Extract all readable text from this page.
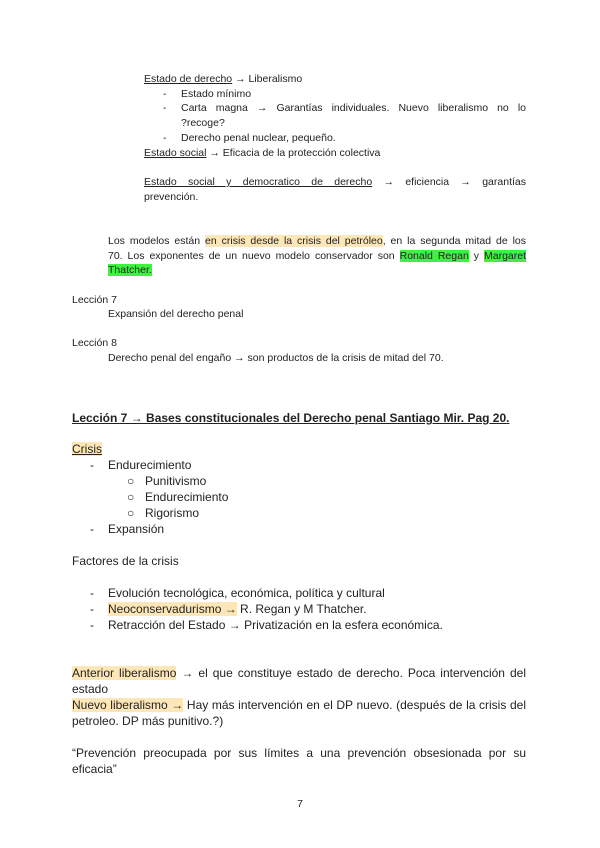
Estado de derecho → Liberalismo
- Estado mínimo
- Carta magna → Garantías individuales. Nuevo liberalismo no lo
?recoge?
- Derecho penal nuclear, pequeño.
Estado social → Eficacia de la protección colectiva
Estado social y democratico de derecho → eficiencia → garantías
prevención.
Los modelos están en crisis desde la crisis del petróleo, en la segunda mitad de los
70. Los exponentes de un nuevo modelo conservador son Ronald Regan y Margaret
Thatcher.
Lección 7
Expansión del derecho penal
Lección 8
Derecho penal del engaño → son productos de la crisis de mitad del 70.
Lección 7 → Bases constitucionales del Derecho penal Santiago Mir. Pag 20.
Crisis
- Endurecimiento
○ Punitivismo
○ Endurecimiento
○ Rigorismo
- Expansión
Factores de la crisis
- Evolución tecnológica, económica, política y cultural
- Neoconservadurismo → R. Regan y M Thatcher.
- Retracción del Estado → Privatización en la esfera económica.
Anterior liberalismo → el que constituye estado de derecho. Poca intervención del
estado
Nuevo liberalismo → Hay más intervención en el DP nuevo. (después de la crisis del
petroleo. DP más punitivo.?)
“Prevención preocupada por sus límites a una prevención obsesionada por su
eficacia”
7
